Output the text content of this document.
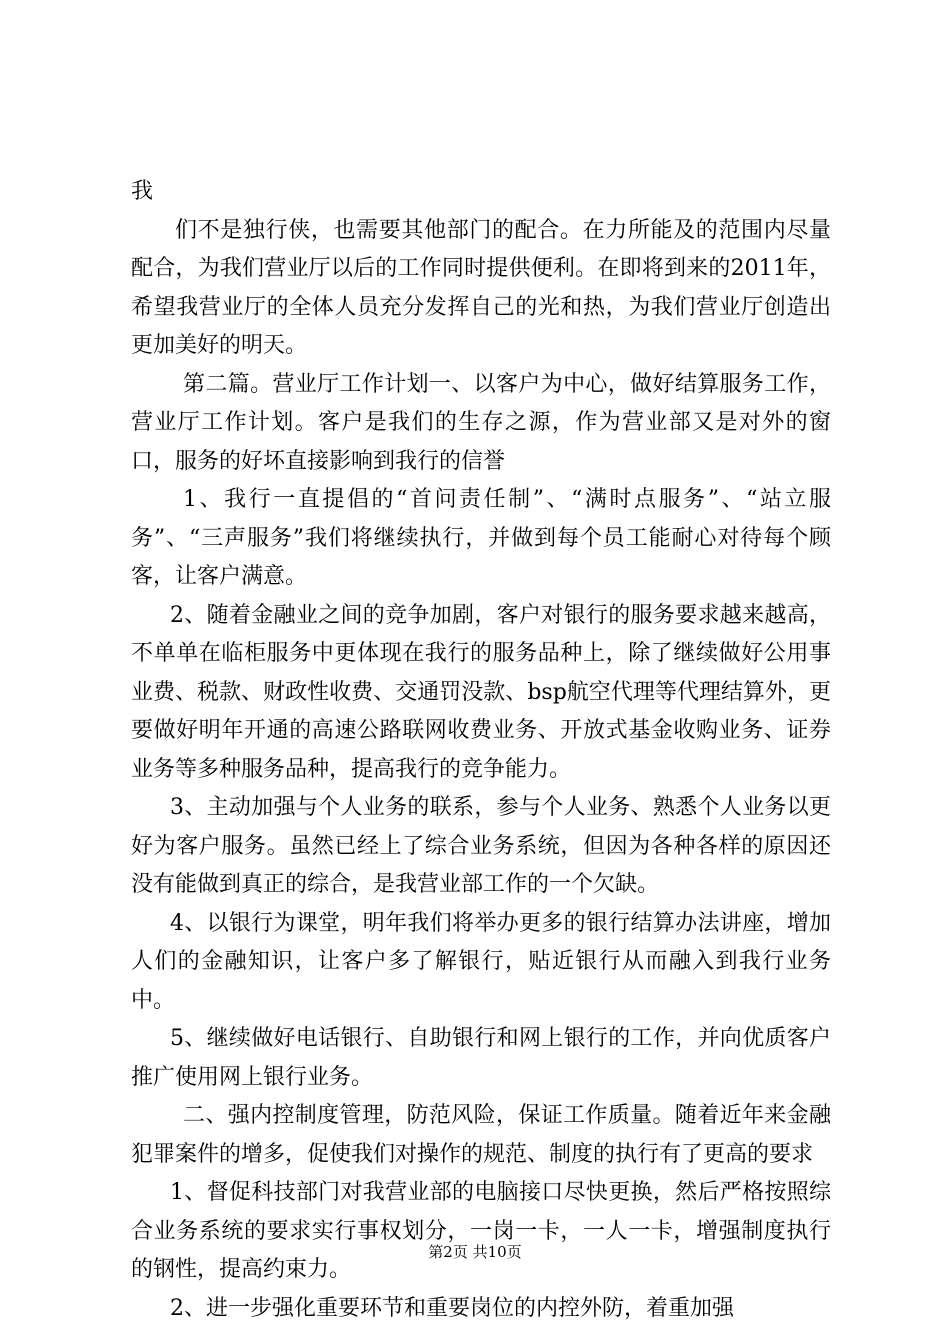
我

们不是独行侠，也需要其他部门的配合。在力所能及的范围内尽量配合，为我们营业厅以后的工作同时提供便利。在即将到来的2011年，希望我营业厅的全体人员充分发挥自己的光和热，为我们营业厅创造出更加美好的明天。

第二篇。营业厅工作计划一、以客户为中心，做好结算服务工作，营业厅工作计划。客户是我们的生存之源，作为营业部又是对外的窗口，服务的好坏直接影响到我行的信誉

1、我行一直提倡的“首问责任制”、“满时点服务”、“站立服务”、“三声服务”我们将继续执行，并做到每个员工能耐心对待每个顾客，让客户满意。

2、随着金融业之间的竞争加剧，客户对银行的服务要求越来越高，不单单在临柜服务中更体现在我行的服务品种上，除了继续做好公用事业费、税款、财政性收费、交通罚没款、bsp航空代理等代理结算外，更要做好明年开通的高速公路联网收费业务、开放式基金收购业务、证券业务等多种服务品种，提高我行的竞争能力。

3、主动加强与个人业务的联系，参与个人业务、熟悉个人业务以更好为客户服务。虽然已经上了综合业务系统，但因为各种各样的原因还没有能做到真正的综合，是我营业部工作的一个欠缺。

4、以银行为课堂，明年我们将举办更多的银行结算办法讲座，增加人们的金融知识，让客户多了解银行，贴近银行从而融入到我行业务中。

5、继续做好电话银行、自助银行和网上银行的工作，并向优质客户推广使用网上银行业务。

二、强内控制度管理，防范风险，保证工作质量。随着近年来金融犯罪案件的增多，促使我们对操作的规范、制度的执行有了更高的要求

1、督促科技部门对我营业部的电脑接口尽快更换，然后严格按照综合业务系统的要求实行事权划分，一岗一卡，一人一卡，增强制度执行的钢性，提高约束力。

2、进一步强化重要环节和重要岗位的内控外防，着重加强

第2页 共10页
